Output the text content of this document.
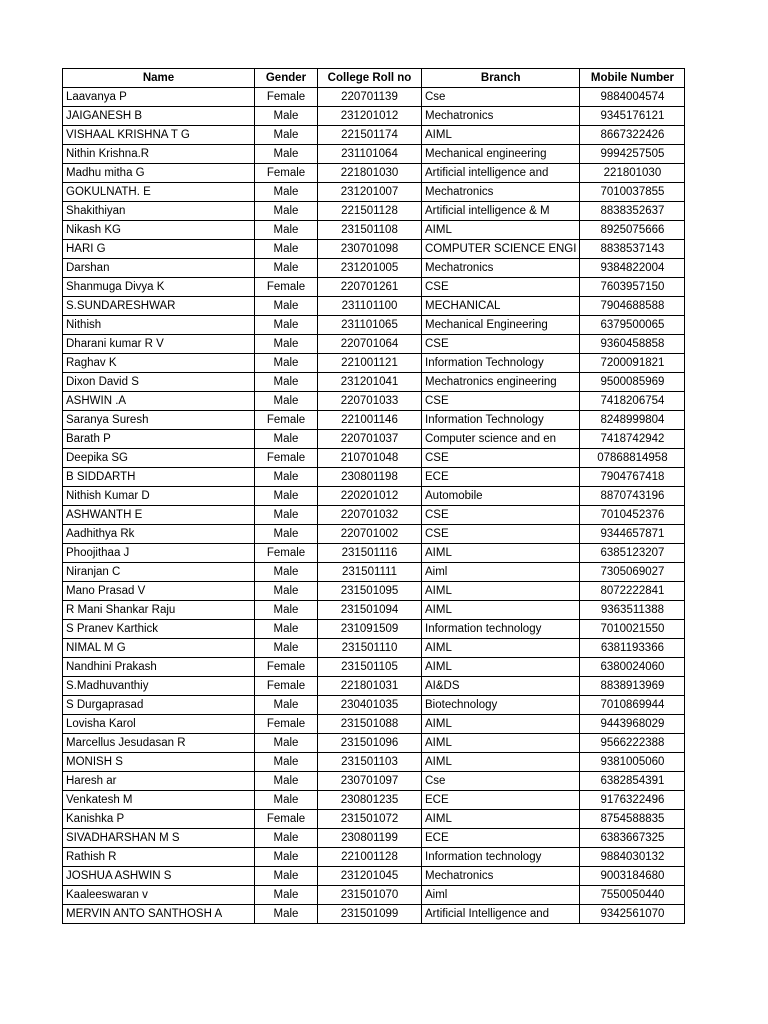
Name	Gender	College Roll no	Branch	Mobile Number
Laavanya P	Female	220701139	Cse	9884004574
JAIGANESH B	Male	231201012	Mechatronics	9345176121
VISHAAL KRISHNA T G	Male	221501174	AIML	8667322426
Nithin Krishna.R	Male	231101064	Mechanical engineering	9994257505
Madhu mitha G	Female	221801030	Artificial intelligence and	221801030
GOKULNATH. E	Male	231201007	Mechatronics	7010037855
Shakithiyan	Male	221501128	Artificial intelligence & M	8838352637
Nikash KG	Male	231501108	AIML	8925075666
HARI G	Male	230701098	COMPUTER SCIENCE ENGI	8838537143
Darshan	Male	231201005	Mechatronics	9384822004
Shanmuga Divya K	Female	220701261	CSE	7603957150
S.SUNDARESHWAR	Male	231101100	MECHANICAL	7904688588
Nithish	Male	231101065	Mechanical Engineering	6379500065
Dharani kumar R V	Male	220701064	CSE	9360458858
Raghav K	Male	221001121	Information Technology	7200091821
Dixon David S	Male	231201041	Mechatronics engineering	9500085969
ASHWIN .A	Male	220701033	CSE	7418206754
Saranya Suresh	Female	221001146	Information Technology	8248999804
Barath P	Male	220701037	Computer science and en	7418742942
Deepika SG	Female	210701048	CSE	07868814958
B SIDDARTH	Male	230801198	ECE	7904767418
Nithish Kumar D	Male	220201012	Automobile	8870743196
ASHWANTH E	Male	220701032	CSE	7010452376
Aadhithya Rk	Male	220701002	CSE	9344657871
Phoojithaa J	Female	231501116	AIML	6385123207
Niranjan C	Male	231501111	Aiml	7305069027
Mano Prasad V	Male	231501095	AIML	8072222841
R Mani Shankar Raju	Male	231501094	AIML	9363511388
S Pranev Karthick	Male	231091509	Information technology	7010021550
NIMAL M G	Male	231501110	AIML	6381193366
Nandhini Prakash	Female	231501105	AIML	6380024060
S.Madhuvanthiy	Female	221801031	AI&DS	8838913969
S Durgaprasad	Male	230401035	Biotechnology	7010869944
Lovisha Karol	Female	231501088	AIML	9443968029
Marcellus Jesudasan R	Male	231501096	AIML	9566222388
MONISH S	Male	231501103	AIML	9381005060
Haresh ar	Male	230701097	Cse	6382854391
Venkatesh M	Male	230801235	ECE	9176322496
Kanishka P	Female	231501072	AIML	8754588835
SIVADHARSHAN M S	Male	230801199	ECE	6383667325
Rathish R	Male	221001128	Information technology	9884030132
JOSHUA ASHWIN S	Male	231201045	Mechatronics	9003184680
Kaaleeswaran v	Male	231501070	Aiml	7550050440
MERVIN ANTO SANTHOSH A	Male	231501099	Artificial Intelligence and	9342561070
